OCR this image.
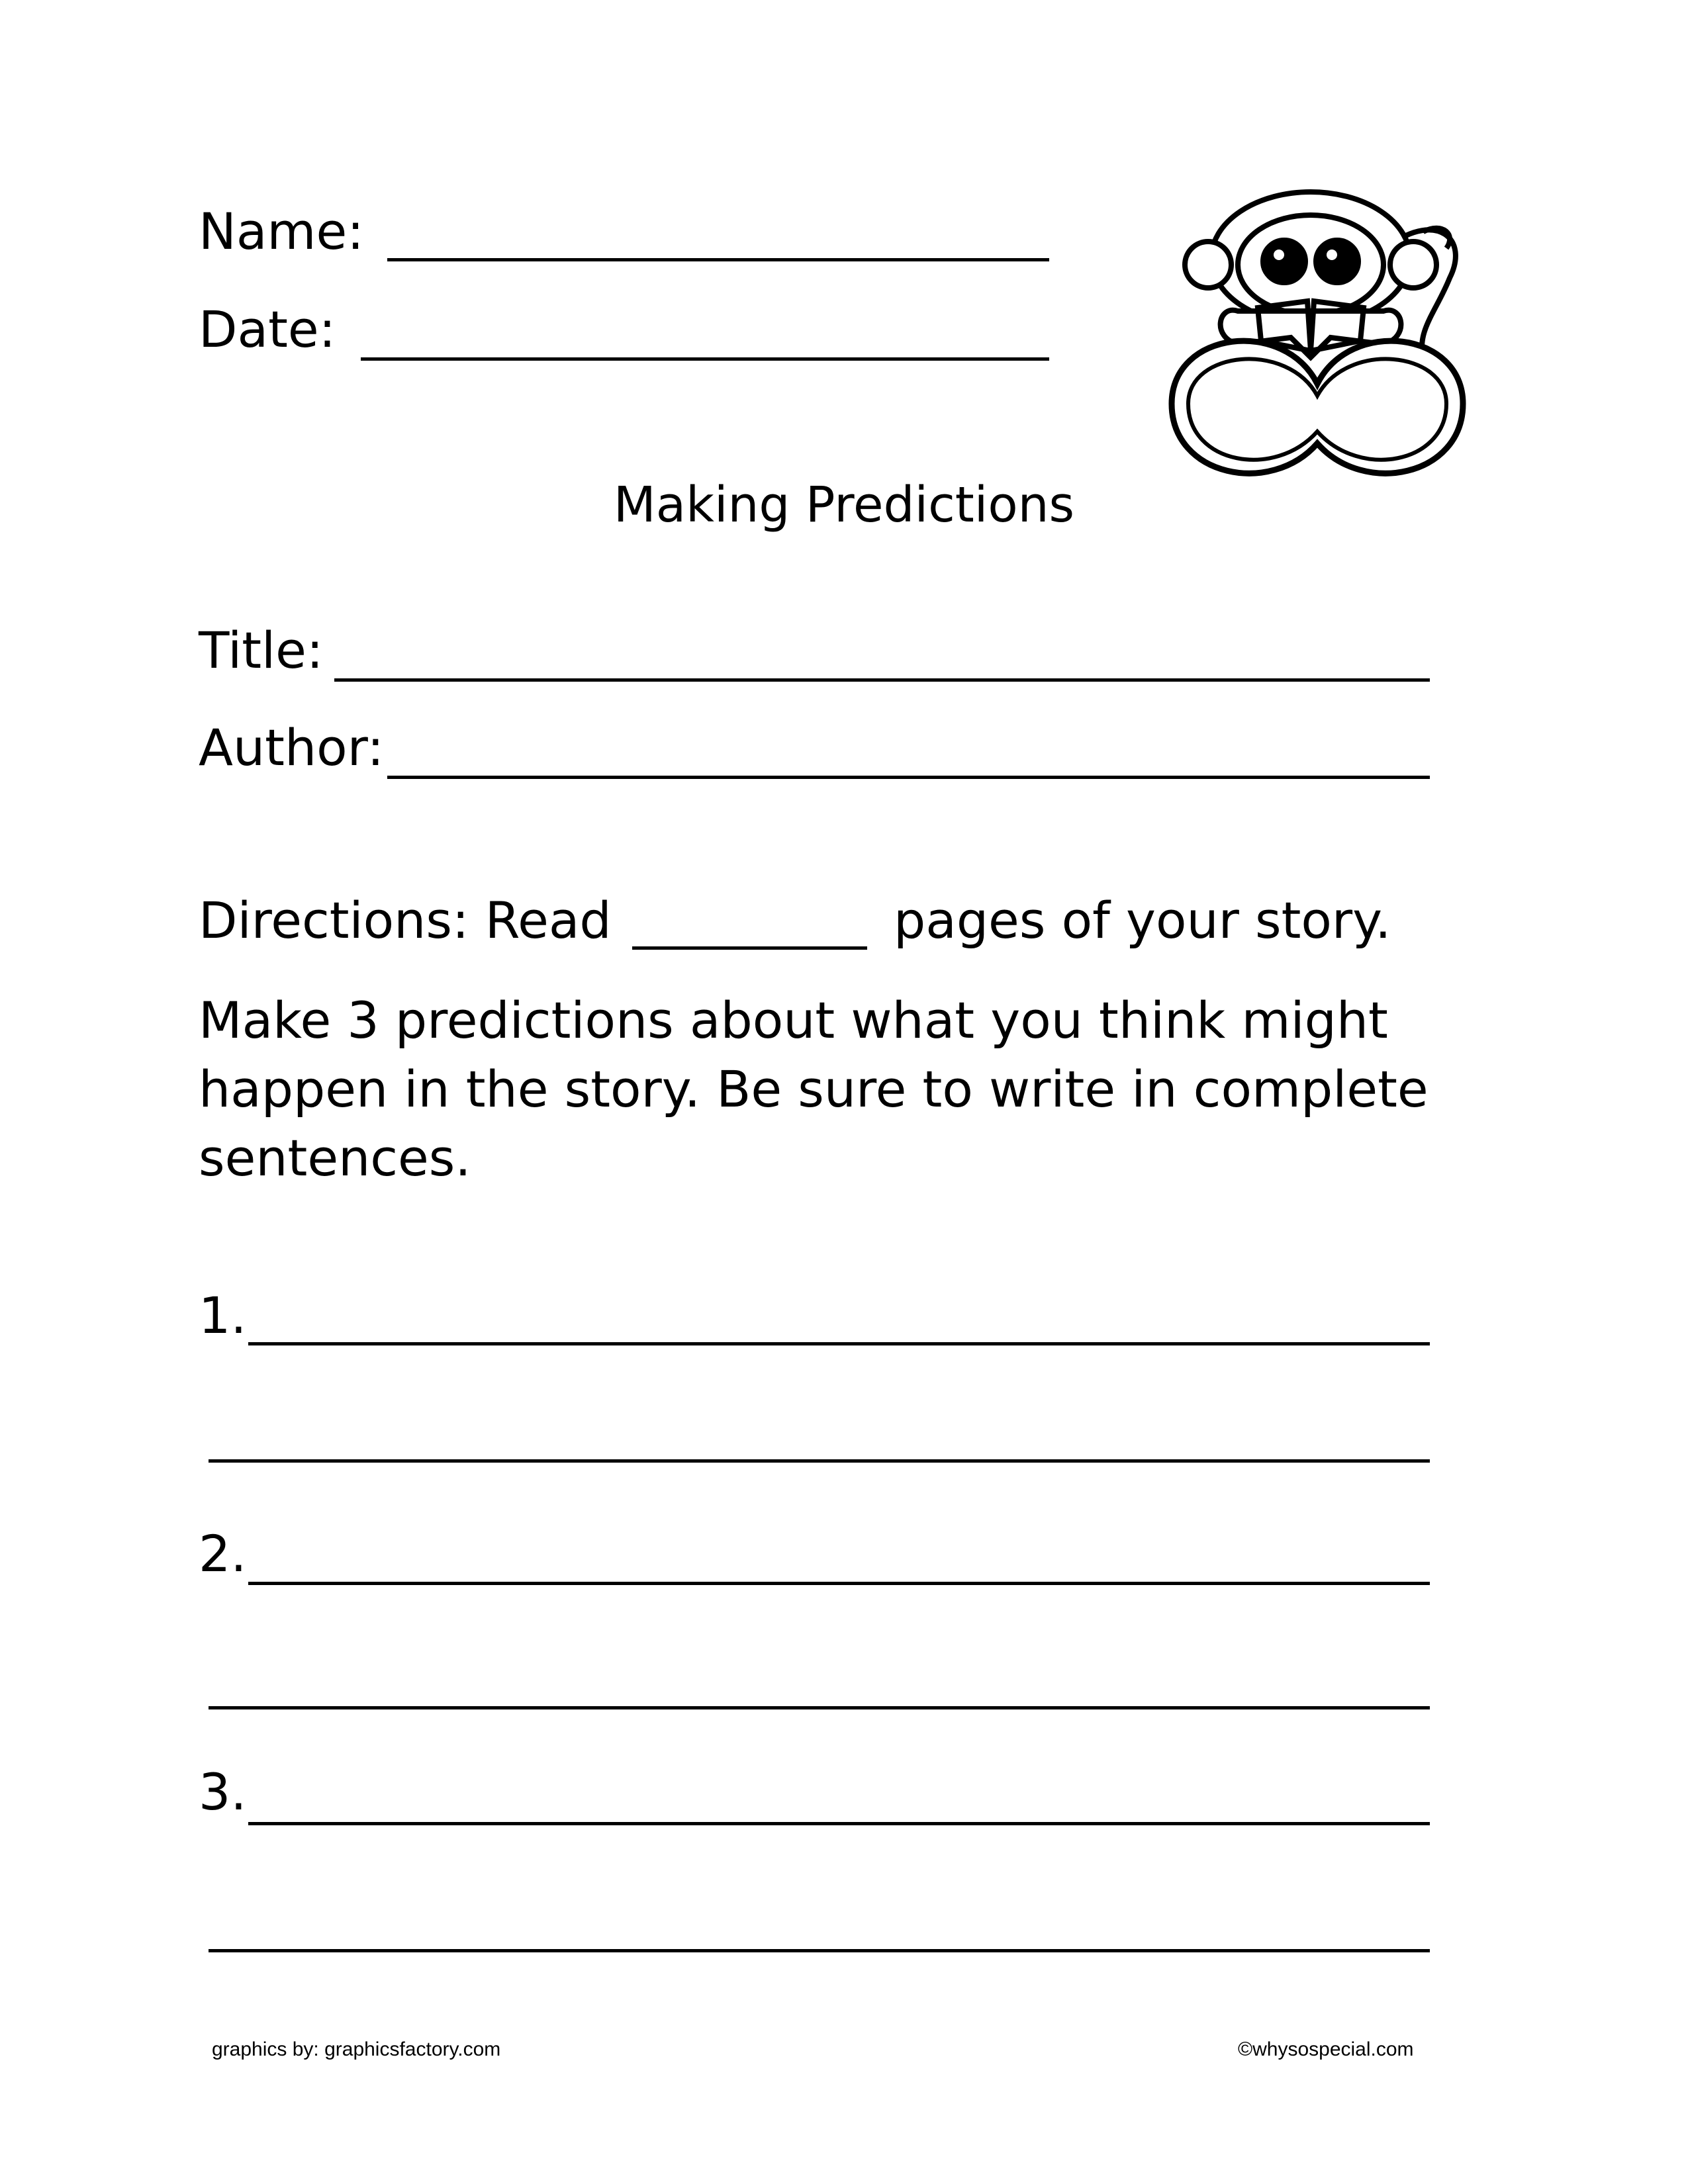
Name:
Date:
Making Predictions
Title:
Author:
Directions: Read	pages of your story.
Make 3 predictions about what you think might happen in the story. Be sure to write in complete sentences.
1.
2.
3.
graphics by: graphicsfactory.com	©whysospecial.com
